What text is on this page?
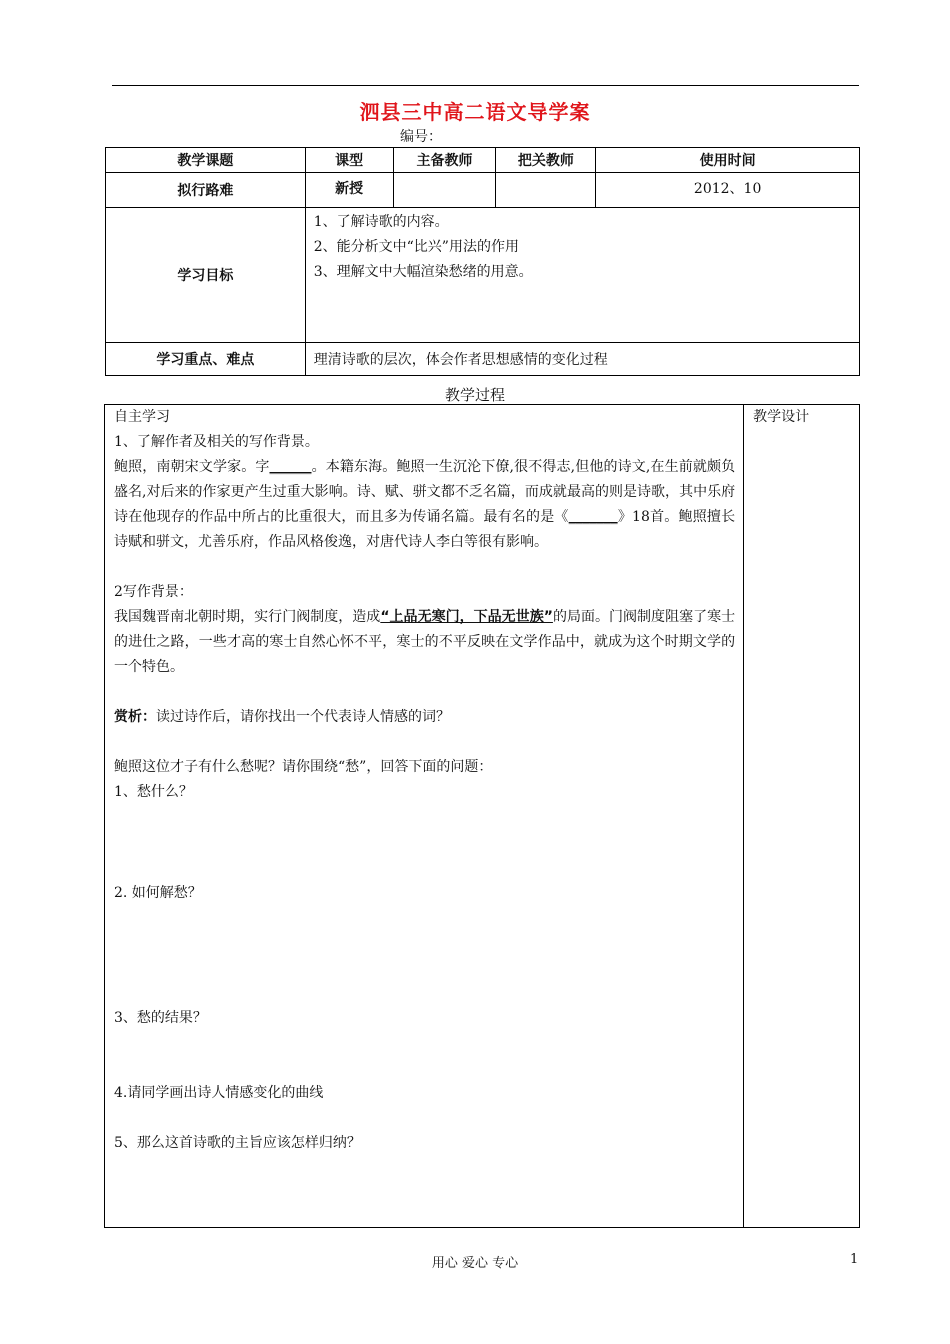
泗县三中高二语文导学案
编号：
教学课题	课型	主备教师	把关教师	使用时间
拟行路难	新授			2012、10
学习目标	1、了解诗歌的内容。
2、能分析文中“比兴”用法的作用
3、理解文中大幅渲染愁绪的用意。			

学习重点、难点	理清诗歌的层次，体会作者思想感情的变化过程			
教学过程

自主学习

1、了解作者及相关的写作背景。

鲍照，南朝宋文学家。字______。本籍东海。鲍照一生沉沦下僚,很不得志,但他的诗文,在生前就颇负盛名,对后来的作家更产生过重大影响。诗、赋、骈文都不乏名篇，而成就最高的则是诗歌，其中乐府诗在他现存的作品中所占的比重很大，而且多为传诵名篇。最有名的是《_______》18首。鲍照擅长诗赋和骈文，尤善乐府，作品风格俊逸，对唐代诗人李白等很有影响。

2写作背景：

我国魏晋南北朝时期，实行门阀制度，造成“上品无寒门，下品无世族”的局面。门阀制度阻塞了寒士的进仕之路，一些才高的寒士自然心怀不平，寒士的不平反映在文学作品中，就成为这个时期文学的一个特色。

赏析：读过诗作后，请你找出一个代表诗人情感的词？

鲍照这位才子有什么愁呢？请你围绕“愁”，回答下面的问题：

1、愁什么？

2. 如何解愁？

3、愁的结果？

4.请同学画出诗人情感变化的曲线

5、那么这首诗歌的主旨应该怎样归纳？

教学设计

用心 爱心 专心	1
